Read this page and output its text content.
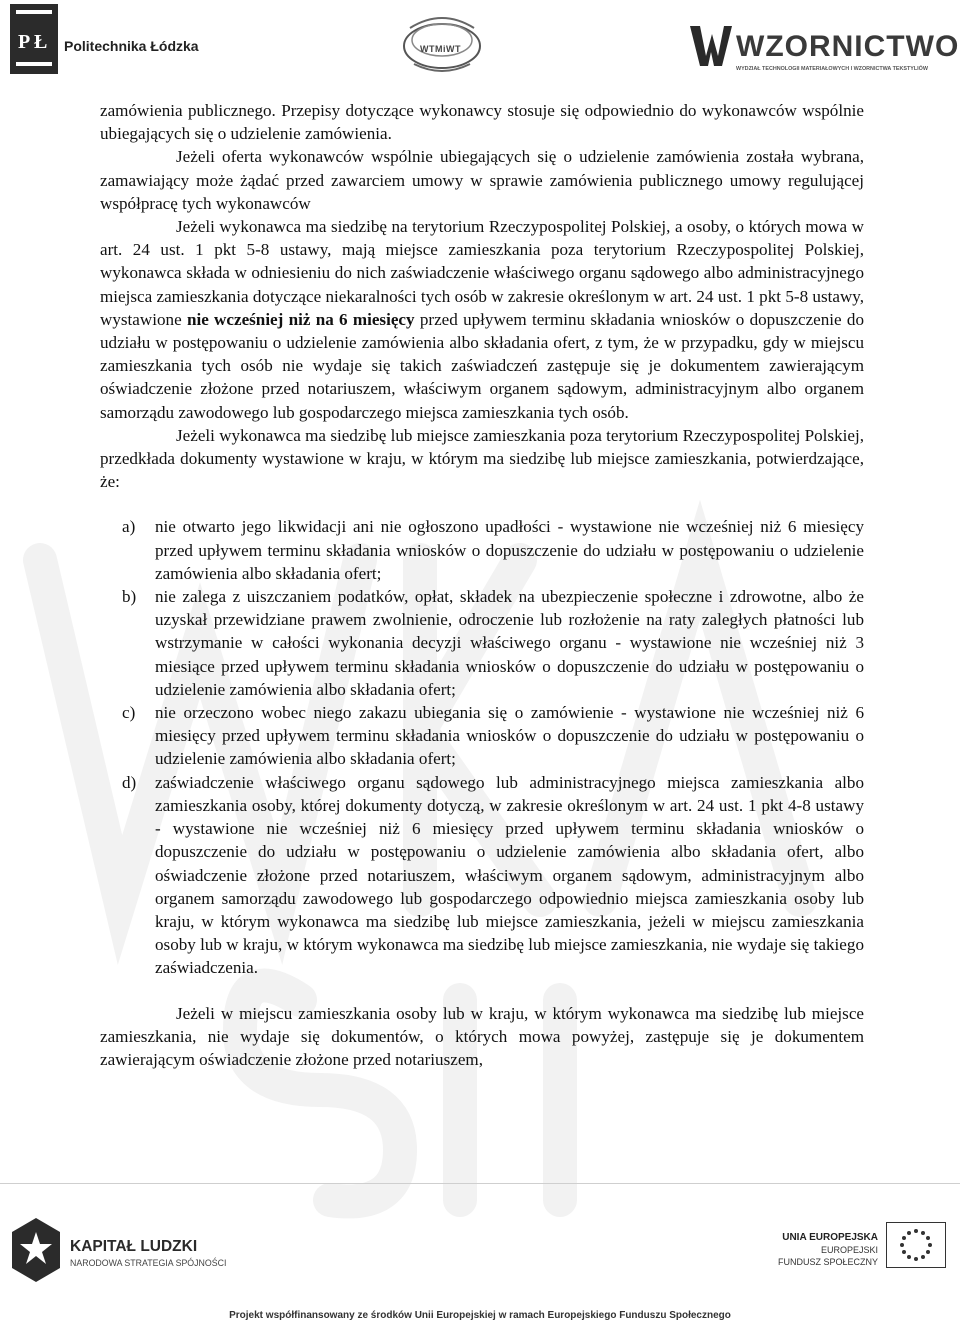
P Ł Politechnika Łódzka	WTMiWT	WZORNICTWO
WYDZIAŁ TECHNOLOGII MATERIAŁOWYCH I WZORNICTWA TEKSTYLIÓW

zamówienia publicznego. Przepisy dotyczące wykonawcy stosuje się odpowiednio do wykonawców wspólnie ubiegających się o udzielenie zamówienia.

Jeżeli oferta wykonawców wspólnie ubiegających się o udzielenie zamówienia została wybrana, zamawiający może żądać przed zawarciem umowy w sprawie zamówienia publicznego umowy regulującej współpracę tych wykonawców

Jeżeli wykonawca ma siedzibę na terytorium Rzeczypospolitej Polskiej, a osoby, o których mowa w art. 24 ust. 1 pkt 5-8 ustawy, mają miejsce zamieszkania poza terytorium Rzeczypospolitej Polskiej, wykonawca składa w odniesieniu do nich zaświadczenie właściwego organu sądowego albo administracyjnego miejsca zamieszkania dotyczące niekaralności tych osób w zakresie określonym w art. 24 ust. 1 pkt 5-8 ustawy, wystawione nie wcześniej niż na 6 miesięcy przed upływem terminu składania wniosków o dopuszczenie do udziału w postępowaniu o udzielenie zamówienia albo składania ofert, z tym, że w przypadku, gdy w miejscu zamieszkania tych osób nie wydaje się takich zaświadczeń zastępuje się je dokumentem zawierającym oświadczenie złożone przed notariuszem, właściwym organem sądowym, administracyjnym albo organem samorządu zawodowego lub gospodarczego miejsca zamieszkania tych osób.

Jeżeli wykonawca ma siedzibę lub miejsce zamieszkania poza terytorium Rzeczypospolitej Polskiej, przedkłada dokumenty wystawione w kraju, w którym ma siedzibę lub miejsce zamieszkania, potwierdzające, że:

a) nie otwarto jego likwidacji ani nie ogłoszono upadłości - wystawione nie wcześniej niż 6 miesięcy przed upływem terminu składania wniosków o dopuszczenie do udziału w postępowaniu o udzielenie zamówienia albo składania ofert;
b) nie zalega z uiszczaniem podatków, opłat, składek na ubezpieczenie społeczne i zdrowotne, albo że uzyskał przewidziane prawem zwolnienie, odroczenie lub rozłożenie na raty zaległych płatności lub wstrzymanie w całości wykonania decyzji właściwego organu - wystawione nie wcześniej niż 3 miesiące przed upływem terminu składania wniosków o dopuszczenie do udziału w postępowaniu o udzielenie zamówienia albo składania ofert;
c) nie orzeczono wobec niego zakazu ubiegania się o zamówienie - wystawione nie wcześniej niż 6 miesięcy przed upływem terminu składania wniosków o dopuszczenie do udziału w postępowaniu o udzielenie zamówienia albo składania ofert;
d) zaświadczenie właściwego organu sądowego lub administracyjnego miejsca zamieszkania albo zamieszkania osoby, której dokumenty dotyczą, w zakresie określonym w art. 24 ust. 1 pkt 4-8 ustawy - wystawione nie wcześniej niż 6 miesięcy przed upływem terminu składania wniosków o dopuszczenie do udziału w postępowaniu o udzielenie zamówienia albo składania ofert, albo oświadczenie złożone przed notariuszem, właściwym organem sądowym, administracyjnym albo organem samorządu zawodowego lub gospodarczego odpowiednio miejsca zamieszkania osoby lub kraju, w którym wykonawca ma siedzibę lub miejsce zamieszkania, jeżeli w miejscu zamieszkania osoby lub w kraju, w którym wykonawca ma siedzibę lub miejsce zamieszkania, nie wydaje się takiego zaświadczenia.

Jeżeli w miejscu zamieszkania osoby lub w kraju, w którym wykonawca ma siedzibę lub miejsce zamieszkania, nie wydaje się dokumentów, o których mowa powyżej, zastępuje się je dokumentem zawierającym oświadczenie złożone przed notariuszem,

KAPITAŁ LUDZKI
NARODOWA STRATEGIA SPÓJNOŚCI
UNIA EUROPEJSKA
EUROPEJSKI
FUNDUSZ SPOŁECZNY
Projekt współfinansowany ze środków Unii Europejskiej w ramach Europejskiego Funduszu Społecznego
